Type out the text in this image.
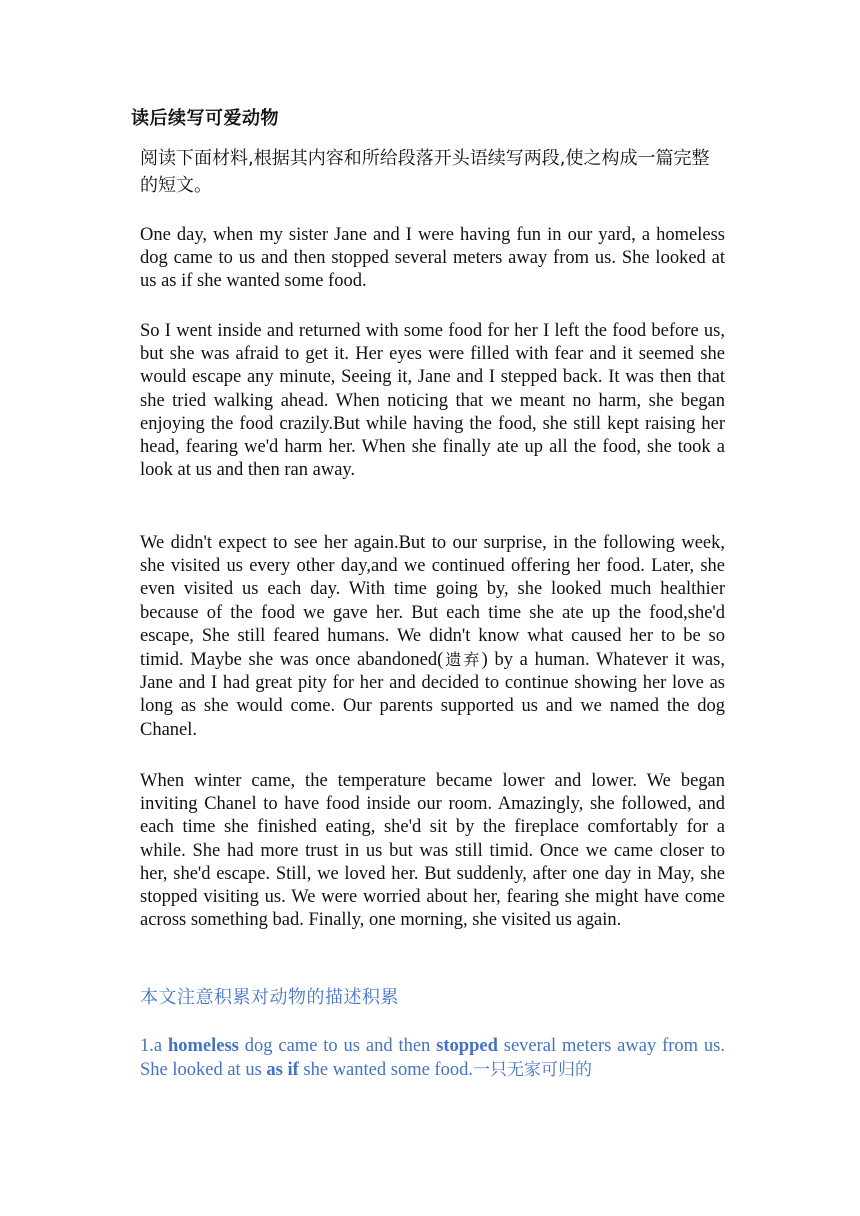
读后续写可爱动物
阅读下面材料,根据其内容和所给段落开头语续写两段,使之构成一篇完整的短文。

One day, when my sister Jane and I were having fun in our yard, a homeless dog came to us and then stopped several meters away from us. She looked at us as if she wanted some food.

So I went inside and returned with some food for her I left the food before us, but she was afraid to get it. Her eyes were filled with fear and it seemed she would escape any minute, Seeing it, Jane and I stepped back. It was then that she tried walking ahead. When noticing that we meant no harm, she began enjoying the food crazily.But while having the food, she still kept raising her head, fearing we'd harm her. When she finally ate up all the food, she took a look at us and then ran away.

We didn't expect to see her again.But to our surprise, in the following week, she visited us every other day,and we continued offering her food. Later, she even visited us each day. With time going by, she looked much healthier because of the food we gave her. But each time she ate up the food,she'd escape, She still feared humans. We didn't know what caused her to be so timid. Maybe she was once abandoned(遗弃) by a human. Whatever it was, Jane and I had great pity for her and decided to continue showing her love as long as she would come. Our parents supported us and we named the dog Chanel.

When winter came, the temperature became lower and lower. We began inviting Chanel to have food inside our room. Amazingly, she followed, and each time she finished eating, she'd sit by the fireplace comfortably for a while. She had more trust in us but was still timid. Once we came closer to her, she'd escape. Still, we loved her. But suddenly, after one day in May, she stopped visiting us. We were worried about her, fearing she might have come across something bad. Finally, one morning, she visited us again.

本文注意积累对动物的描述积累

1.a homeless dog came to us and then stopped several meters away from us. She looked at us as if she wanted some food.一只无家可归的
